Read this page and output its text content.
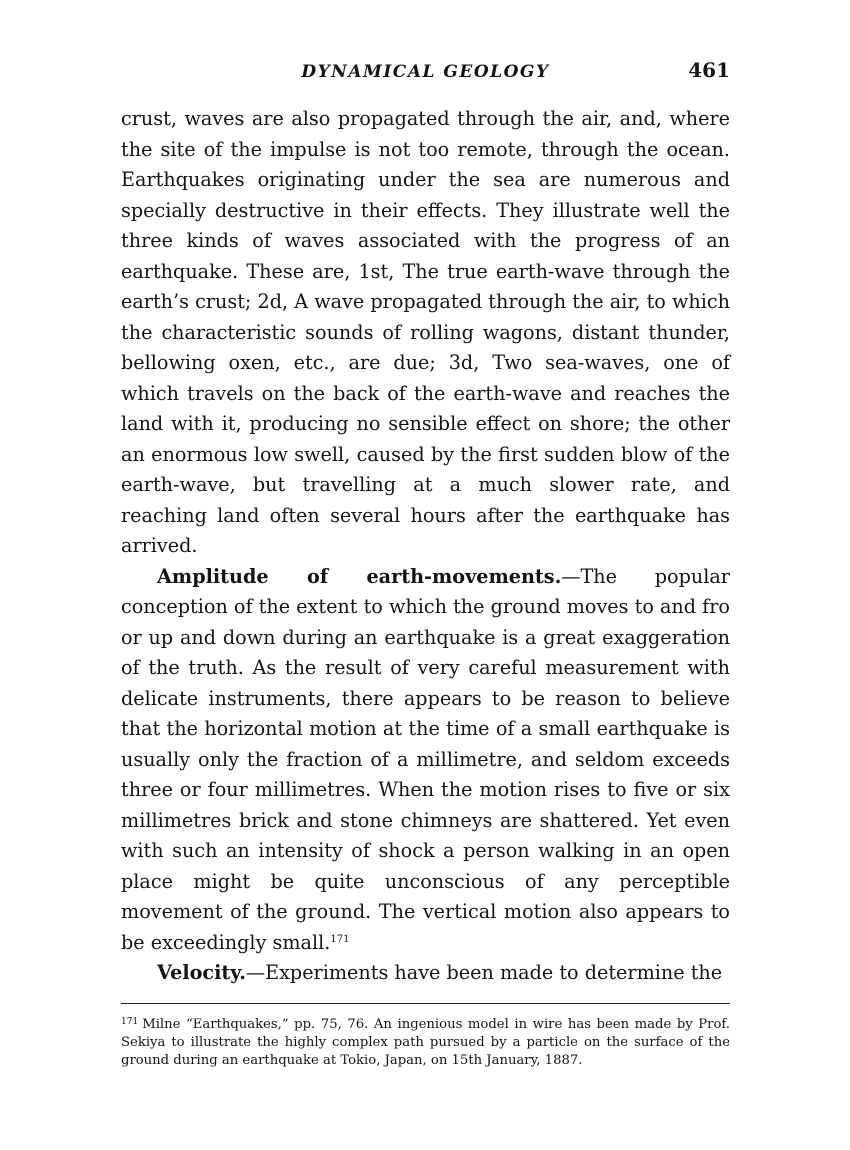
DYNAMICAL GEOLOGY	461

crust, waves are also propagated through the air, and, where the site of the impulse is not too remote, through the ocean. Earthquakes originating under the sea are numerous and specially destructive in their effects. They illustrate well the three kinds of waves associated with the progress of an earthquake. These are, 1st, The true earth-wave through the earth’s crust; 2d, A wave propagated through the air, to which the characteristic sounds of rolling wagons, distant thunder, bellowing oxen, etc., are due; 3d, Two sea-waves, one of which travels on the back of the earth-wave and reaches the land with it, producing no sensible effect on shore; the other an enormous low swell, caused by the first sudden blow of the earth-wave, but travelling at a much slower rate, and reaching land often several hours after the earthquake has arrived.

Amplitude of earth-movements.—The popular conception of the extent to which the ground moves to and fro or up and down during an earthquake is a great exaggeration of the truth. As the result of very careful measurement with delicate instruments, there appears to be reason to believe that the horizontal motion at the time of a small earthquake is usually only the fraction of a millimetre, and seldom exceeds three or four millimetres. When the motion rises to five or six millimetres brick and stone chimneys are shattered. Yet even with such an intensity of shock a person walking in an open place might be quite unconscious of any perceptible movement of the ground. The vertical motion also appears to be exceedingly small.$^{171}$

Velocity.—Experiments have been made to determine the

$^{171}$ Milne “Earthquakes,” pp. 75, 76. An ingenious model in wire has been made by Prof. Sekiya to illustrate the highly complex path pursued by a particle on the surface of the ground during an earthquake at Tokio, Japan, on 15th January, 1887.
